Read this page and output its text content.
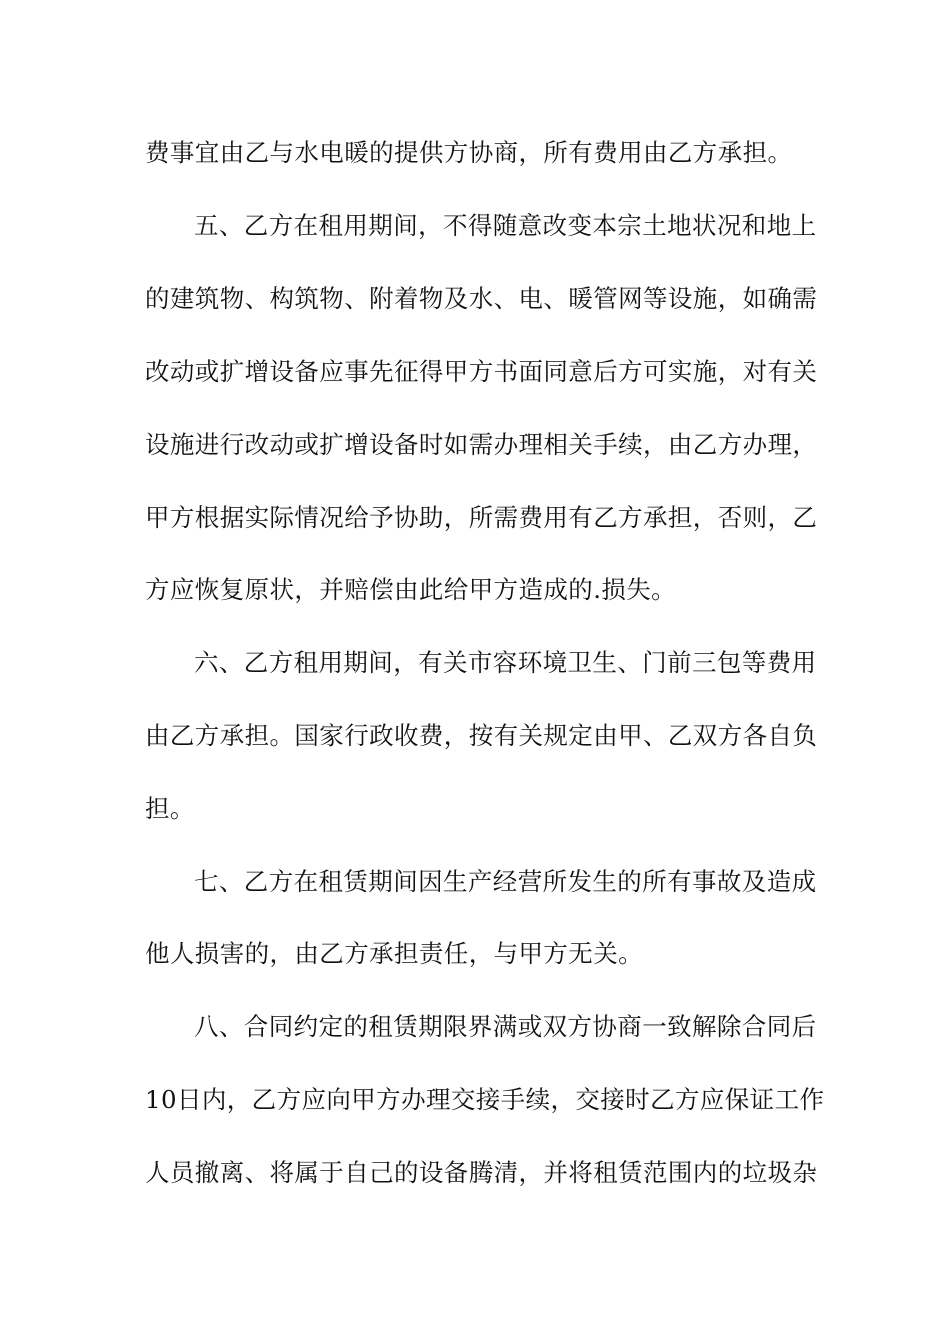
费事宜由乙与水电暖的提供方协商，所有费用由乙方承担。
五、乙方在租用期间，不得随意改变本宗土地状况和地上
的建筑物、构筑物、附着物及水、电、暖管网等设施，如确需
改动或扩增设备应事先征得甲方书面同意后方可实施，对有关
设施进行改动或扩增设备时如需办理相关手续，由乙方办理，
甲方根据实际情况给予协助，所需费用有乙方承担，否则，乙
方应恢复原状，并赔偿由此给甲方造成的.损失。
六、乙方租用期间，有关市容环境卫生、门前三包等费用
由乙方承担。国家行政收费，按有关规定由甲、乙双方各自负
担。
七、乙方在租赁期间因生产经营所发生的所有事故及造成
他人损害的，由乙方承担责任，与甲方无关。
八、合同约定的租赁期限界满或双方协商一致解除合同后
10日内，乙方应向甲方办理交接手续，交接时乙方应保证工作
人员撤离、将属于自己的设备腾清，并将租赁范围内的垃圾杂
